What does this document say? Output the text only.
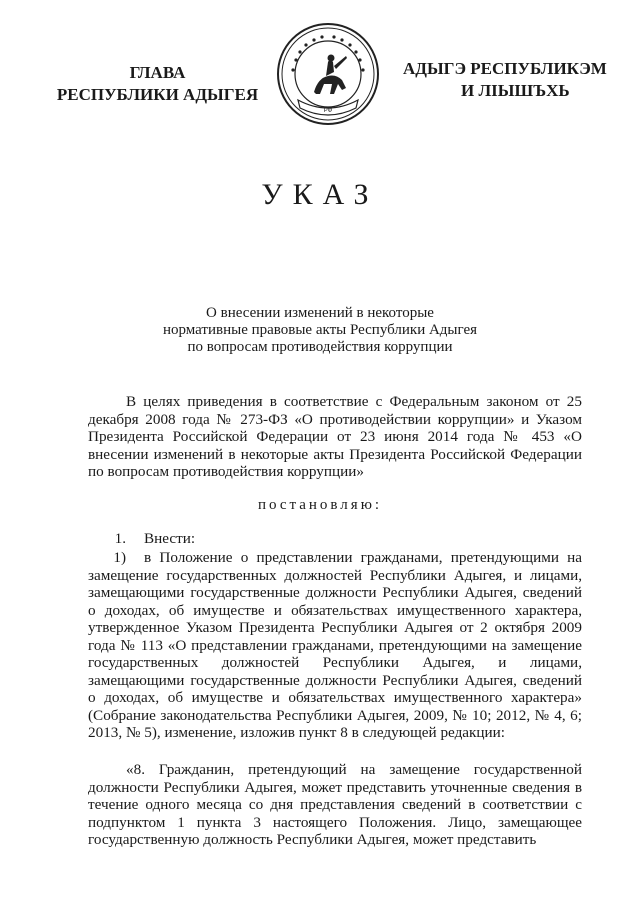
ГЛАВА
РЕСПУБЛИКИ АДЫГЕЯ
РФ
АДЫГЭ РЕСПУБЛИКЭМ
И ЛІЫШЪХЬ
УКАЗ
О внесении изменений в некоторые
нормативные правовые акты Республики Адыгея
по вопросам противодействия коррупции
В целях приведения в соответствие с Федеральным законом от 25 декабря 2008 года № 273-ФЗ «О противодействии коррупции» и Указом Президента Российской Федерации от 23 июня 2014 года № 453 «О внесении изменений в некоторые акты Президента Российской Федерации по вопросам противодействия коррупции»
постановляю:
1. Внести:
1) в Положение о представлении гражданами, претендующими на замещение государственных должностей Республики Адыгея, и лицами, замещающими государственные должности Республики Адыгея, сведений о доходах, об имуществе и обязательствах имущественного характера, утвержденное Указом Президента Республики Адыгея от 2 октября 2009 года № 113 «О представлении гражданами, претендующими на замещение государственных должностей Республики Адыгея, и лицами, замещающими государственные должности Республики Адыгея, сведений о доходах, об имуществе и обязательствах имущественного характера» (Собрание законодательства Республики Адыгея, 2009, № 10; 2012, № 4, 6; 2013, № 5), изменение, изложив пункт 8 в следующей редакции:
«8. Гражданин, претендующий на замещение государственной должности Республики Адыгея, может представить уточненные сведения в течение одного месяца со дня представления сведений в соответствии с подпунктом 1 пункта 3 настоящего Положения. Лицо, замещающее государственную должность Республики Адыгея, может представить
